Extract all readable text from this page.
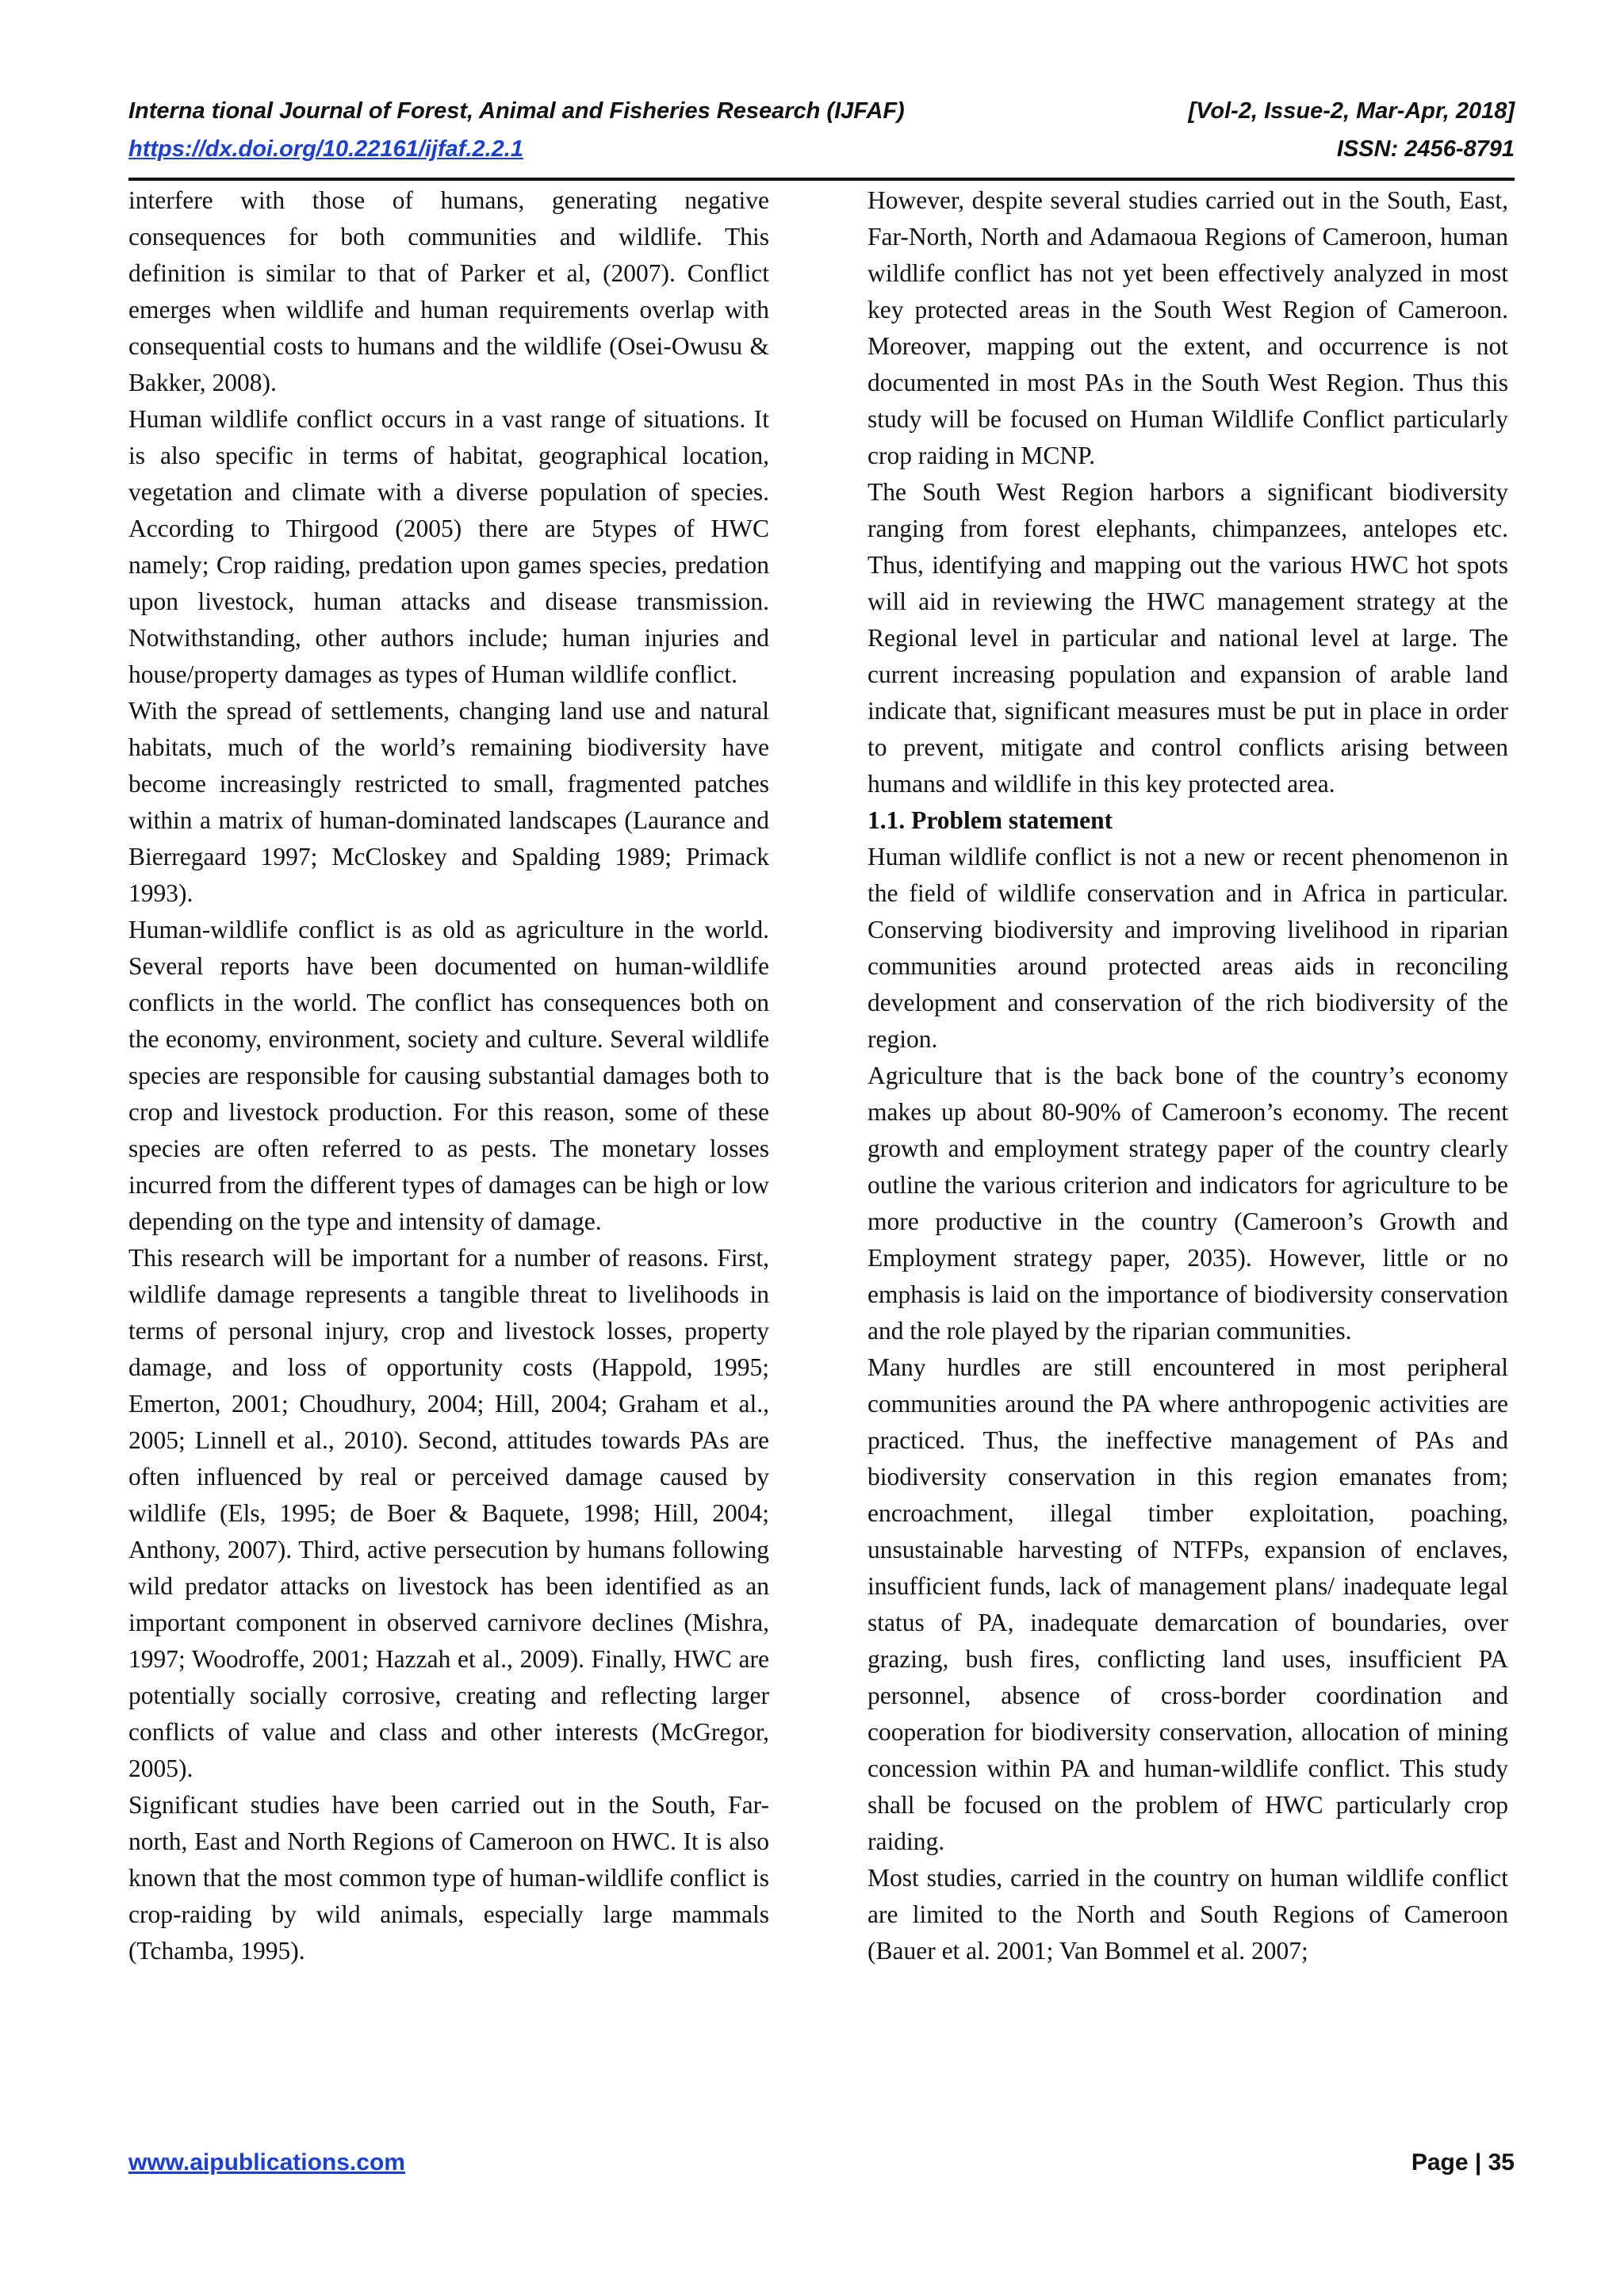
Interna tional Journal of Forest, Animal and Fisheries Research (IJFAF)	[Vol-2, Issue-2, Mar-Apr, 2018]
https://dx.doi.org/10.22161/ijfaf.2.2.1	ISSN: 2456-8791

interfere with those of humans, generating negative consequences for both communities and wildlife. This definition is similar to that of Parker et al, (2007). Conflict emerges when wildlife and human requirements overlap with consequential costs to humans and the wildlife (Osei-Owusu & Bakker, 2008).

Human wildlife conflict occurs in a vast range of situations. It is also specific in terms of habitat, geographical location, vegetation and climate with a diverse population of species. According to Thirgood (2005) there are 5types of HWC namely; Crop raiding, predation upon games species, predation upon livestock, human attacks and disease transmission. Notwithstanding, other authors include; human injuries and house/property damages as types of Human wildlife conflict.

With the spread of settlements, changing land use and natural habitats, much of the world’s remaining biodiversity have become increasingly restricted to small, fragmented patches within a matrix of human-dominated landscapes (Laurance and Bierregaard 1997; McCloskey and Spalding 1989; Primack 1993).

Human-wildlife conflict is as old as agriculture in the world. Several reports have been documented on human-wildlife conflicts in the world. The conflict has consequences both on the economy, environment, society and culture. Several wildlife species are responsible for causing substantial damages both to crop and livestock production. For this reason, some of these species are often referred to as pests. The monetary losses incurred from the different types of damages can be high or low depending on the type and intensity of damage.

This research will be important for a number of reasons. First, wildlife damage represents a tangible threat to livelihoods in terms of personal injury, crop and livestock losses, property damage, and loss of opportunity costs (Happold, 1995; Emerton, 2001; Choudhury, 2004; Hill, 2004; Graham et al., 2005; Linnell et al., 2010). Second, attitudes towards PAs are often influenced by real or perceived damage caused by wildlife (Els, 1995; de Boer & Baquete, 1998; Hill, 2004; Anthony, 2007). Third, active persecution by humans following wild predator attacks on livestock has been identified as an important component in observed carnivore declines (Mishra, 1997; Woodroffe, 2001; Hazzah et al., 2009). Finally, HWC are potentially socially corrosive, creating and reflecting larger conflicts of value and class and other interests (McGregor, 2005).

Significant studies have been carried out in the South, Far-north, East and North Regions of Cameroon on HWC. It is also known that the most common type of human-wildlife conflict is crop-raiding by wild animals, especially large mammals (Tchamba, 1995).

However, despite several studies carried out in the South, East, Far-North, North and Adamaoua Regions of Cameroon, human wildlife conflict has not yet been effectively analyzed in most key protected areas in the South West Region of Cameroon. Moreover, mapping out the extent, and occurrence is not documented in most PAs in the South West Region. Thus this study will be focused on Human Wildlife Conflict particularly crop raiding in MCNP.

The South West Region harbors a significant biodiversity ranging from forest elephants, chimpanzees, antelopes etc. Thus, identifying and mapping out the various HWC hot spots will aid in reviewing the HWC management strategy at the Regional level in particular and national level at large. The current increasing population and expansion of arable land indicate that, significant measures must be put in place in order to prevent, mitigate and control conflicts arising between humans and wildlife in this key protected area.

1.1. Problem statement

Human wildlife conflict is not a new or recent phenomenon in the field of wildlife conservation and in Africa in particular. Conserving biodiversity and improving livelihood in riparian communities around protected areas aids in reconciling development and conservation of the rich biodiversity of the region.

Agriculture that is the back bone of the country’s economy makes up about 80-90% of Cameroon’s economy. The recent growth and employment strategy paper of the country clearly outline the various criterion and indicators for agriculture to be more productive in the country (Cameroon’s Growth and Employment strategy paper, 2035). However, little or no emphasis is laid on the importance of biodiversity conservation and the role played by the riparian communities.

Many hurdles are still encountered in most peripheral communities around the PA where anthropogenic activities are practiced. Thus, the ineffective management of PAs and biodiversity conservation in this region emanates from; encroachment, illegal timber exploitation, poaching, unsustainable harvesting of NTFPs, expansion of enclaves, insufficient funds, lack of management plans/ inadequate legal status of PA, inadequate demarcation of boundaries, over grazing, bush fires, conflicting land uses, insufficient PA personnel, absence of cross-border coordination and cooperation for biodiversity conservation, allocation of mining concession within PA and human-wildlife conflict. This study shall be focused on the problem of HWC particularly crop raiding.

Most studies, carried in the country on human wildlife conflict are limited to the North and South Regions of Cameroon (Bauer et al. 2001; Van Bommel et al. 2007;

www.aipublications.com	Page | 35
